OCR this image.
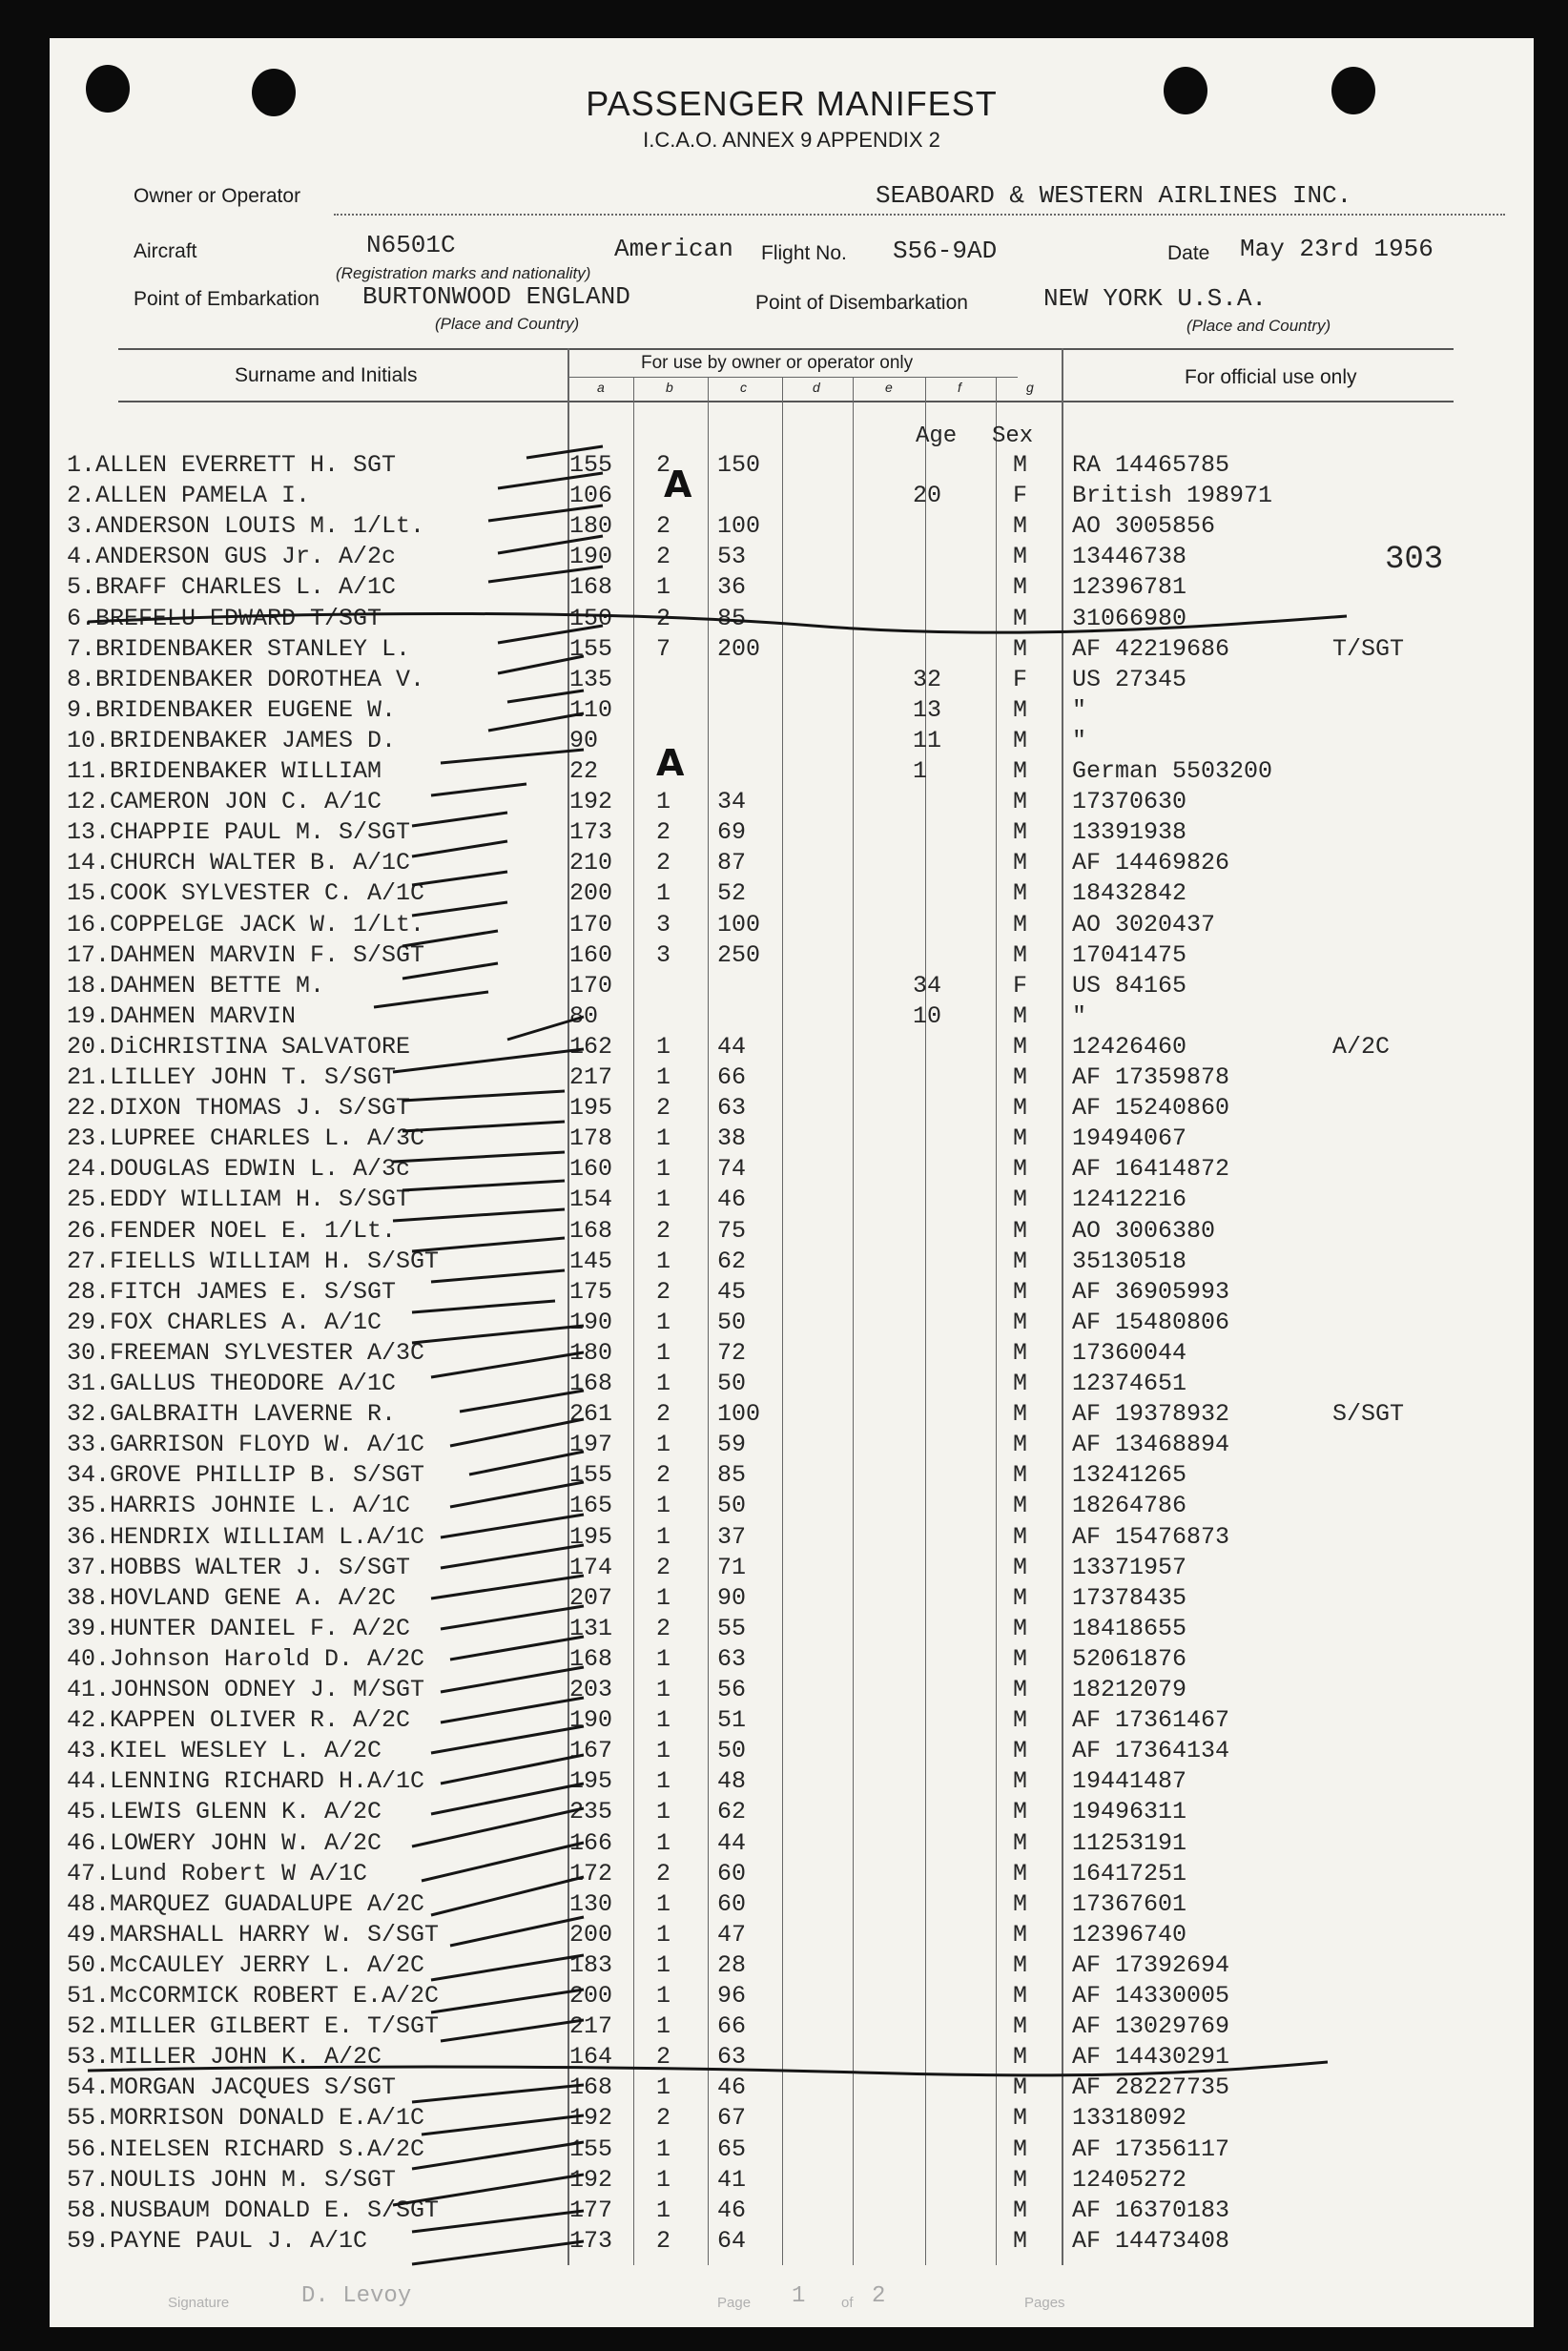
PASSENGER MANIFEST
I.C.A.O. ANNEX 9 APPENDIX 2
Owner or Operator	SEABOARD & WESTERN AIRLINES INC.
Aircraft	N6501C	American Flight No. S56-9AD	Date May 23rd 1956
(Registration marks and nationality)
Point of Embarkation BURTONWOOD ENGLAND
(Place and Country)
Point of Disembarkation	NEW YORK U.S.A.
(Place and Country)
Surname and Initials
For use by owner or operator only
For official use only
a	b	c	d	e	f	g
Age Sex
303
A
A
1.ALLEN EVERRETT H. SGT	155 2 150	M RA 14465785
2.ALLEN PAMELA I.	106	20	F British 198971
3.ANDERSON LOUIS M. 1/Lt.	180 2 100	M AO 3005856
4.ANDERSON GUS Jr. A/2c	190 2 53	M 13446738
5.BRAFF CHARLES L. A/1C	168 1 36	M 12396781
6.BREFELU EDWARD T/SGT	150 2 85	M 31066980
7.BRIDENBAKER STANLEY L.	155 7 200	M AF 42219686	T/SGT
8.BRIDENBAKER DOROTHEA V.	135	32	F US 27345
9.BRIDENBAKER EUGENE W.	110	13	M "
10.BRIDENBAKER JAMES D.	90	11	M "
11.BRIDENBAKER WILLIAM	22	1	M German 5503200
12.CAMERON JON C. A/1C	192 1 34	M 17370630
13.CHAPPIE PAUL M. S/SGT	173 2 69	M 13391938
14.CHURCH WALTER B. A/1C	210 2 87	M AF 14469826
15.COOK SYLVESTER C. A/1C	200 1 52	M 18432842
16.COPPELGE JACK W. 1/Lt.	170 3 100	M AO 3020437
17.DAHMEN MARVIN F. S/SGT	160 3 250	M 17041475
18.DAHMEN BETTE M.	170	34	F US 84165
19.DAHMEN MARVIN	80	10	M "
20.DiCHRISTINA SALVATORE	162 1 44	M 12426460	A/2C
21.LILLEY JOHN T. S/SGT	217 1 66	M AF 17359878
22.DIXON THOMAS J. S/SGT	195 2 63	M AF 15240860
23.LUPREE CHARLES L. A/3C	178 1 38	M 19494067
24.DOUGLAS EDWIN L. A/3c	160 1 74	M AF 16414872
25.EDDY WILLIAM H. S/SGT	154 1 46	M 12412216
26.FENDER NOEL E. 1/Lt.	168 2 75	M AO 3006380
27.FIELLS WILLIAM H. S/SGT	145 1 62	M 35130518
28.FITCH JAMES E. S/SGT	175 2 45	M AF 36905993
29.FOX CHARLES A. A/1C	190 1 50	M AF 15480806
30.FREEMAN SYLVESTER A/3C	180 1 72	M 17360044
31.GALLUS THEODORE A/1C	168 1 50	M 12374651
32.GALBRAITH LAVERNE R.	261 2 100	M AF 19378932	S/SGT
33.GARRISON FLOYD W. A/1C	197 1 59	M AF 13468894
34.GROVE PHILLIP B. S/SGT	155 2 85	M 13241265
35.HARRIS JOHNIE L. A/1C	165 1 50	M 18264786
36.HENDRIX WILLIAM L.A/1C	195 1 37	M AF 15476873
37.HOBBS WALTER J. S/SGT	174 2 71	M 13371957
38.HOVLAND GENE A. A/2C	207 1 90	M 17378435
39.HUNTER DANIEL F. A/2C	131 2 55	M 18418655
40.Johnson Harold D. A/2C	168 1 63	M 52061876
41.JOHNSON ODNEY J. M/SGT	203 1 56	M 18212079
42.KAPPEN OLIVER R. A/2C	190 1 51	M AF 17361467
43.KIEL WESLEY L. A/2C	167 1 50	M AF 17364134
44.LENNING RICHARD H.A/1C	195 1 48	M 19441487
45.LEWIS GLENN K. A/2C	235 1 62	M 19496311
46.LOWERY JOHN W. A/2C	166 1 44	M 11253191
47.Lund Robert W A/1C	172 2 60	M 16417251
48.MARQUEZ GUADALUPE A/2C	130 1 60	M 17367601
49.MARSHALL HARRY W. S/SGT	200 1 47	M 12396740
50.McCAULEY JERRY L. A/2C	183 1 28	M AF 17392694
51.McCORMICK ROBERT E.A/2C	200 1 96	M AF 14330005
52.MILLER GILBERT E. T/SGT	217 1 66	M AF 13029769
53.MILLER JOHN K. A/2C	164 2 63	M AF 14430291
54.MORGAN JACQUES S/SGT	168 1 46	M AF 28227735
55.MORRISON DONALD E.A/1C	192 2 67	M 13318092
56.NIELSEN RICHARD S.A/2C	155 1 65	M AF 17356117
57.NOULIS JOHN M. S/SGT	192 1 41	M 12405272
58.NUSBAUM DONALD E. S/SGT	177 1 46	M AF 16370183
59.PAYNE PAUL J. A/1C	173 2 64	M AF 14473408
Signature	D. Levoy	Page 1	of 2	Pages
